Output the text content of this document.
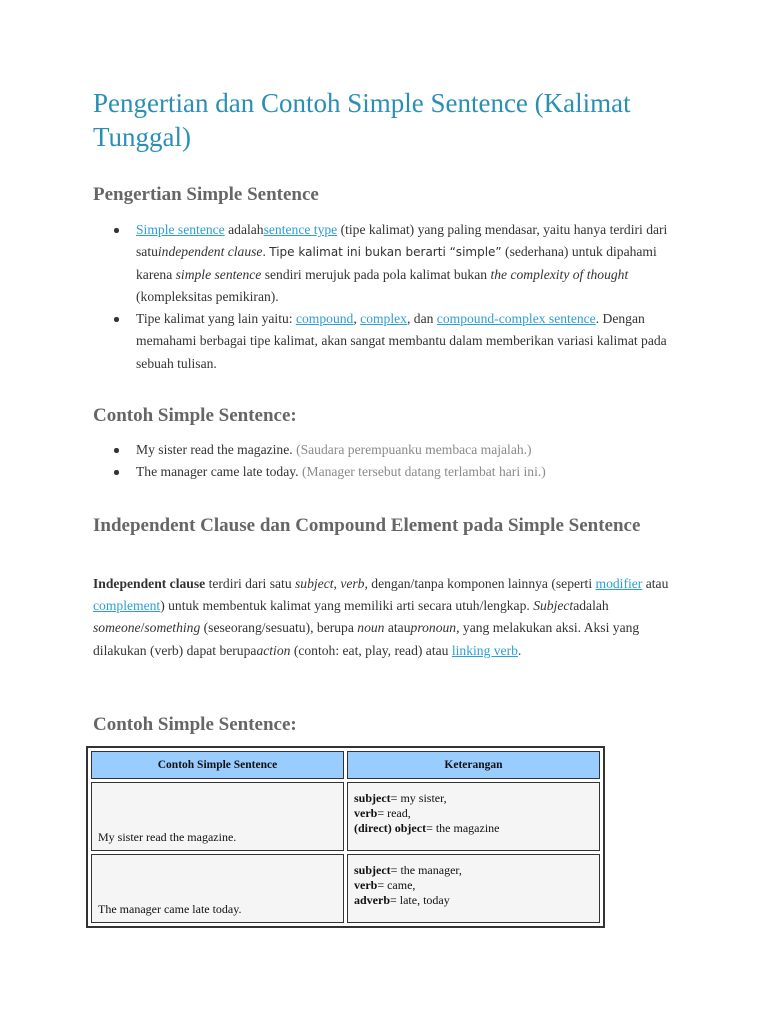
Pengertian dan Contoh Simple Sentence (Kalimat Tunggal)
Pengertian Simple Sentence
Simple sentence adalahsentence type (tipe kalimat) yang paling mendasar, yaitu hanya terdiri dari satuindependent clause. Tipe kalimat ini bukan berarti “simple” (sederhana) untuk dipahami karena simple sentence sendiri merujuk pada pola kalimat bukan the complexity of thought (kompleksitas pemikiran).
Tipe kalimat yang lain yaitu: compound, complex, dan compound-complex sentence. Dengan memahami berbagai tipe kalimat, akan sangat membantu dalam memberikan variasi kalimat pada sebuah tulisan.
Contoh Simple Sentence:
My sister read the magazine. (Saudara perempuanku membaca majalah.)
The manager came late today. (Manager tersebut datang terlambat hari ini.)
Independent Clause dan Compound Element pada Simple Sentence

Independent clause terdiri dari satu subject, verb, dengan/tanpa komponen lainnya (seperti modifier atau complement) untuk membentuk kalimat yang memiliki arti secara utuh/lengkap. Subjectadalah someone/something (seseorang/sesuatu), berupa noun ataupronoun, yang melakukan aksi. Aksi yang dilakukan (verb) dapat berupaaction (contoh: eat, play, read) atau linking verb.

Contoh Simple Sentence:
Contoh Simple Sentence	Keterangan
My sister read the magazine.	subject= my sister,
verb= read,
(direct) object= the magazine
The manager came late today.	subject= the manager,
verb= came,
adverb= late, today
